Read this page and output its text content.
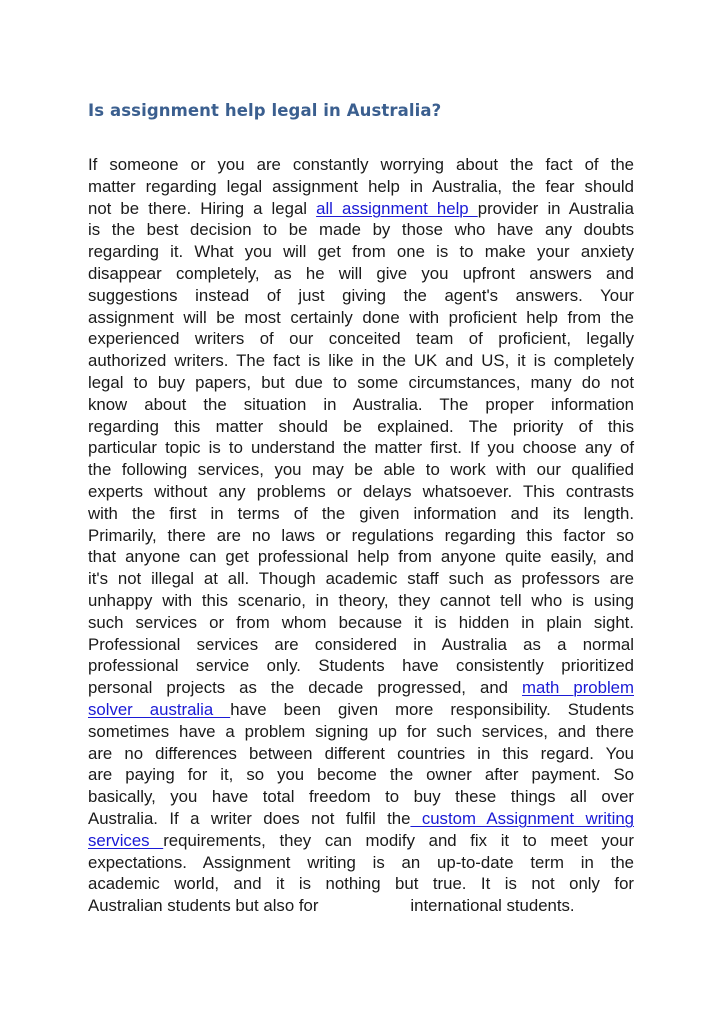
Is assignment help legal in Australia?
If someone or you are constantly worrying about the fact of the
matter regarding legal assignment help in Australia, the fear should
not be there. Hiring a legal all assignment help provider in Australia
is the best decision to be made by those who have any doubts
regarding it. What you will get from one is to make your anxiety
disappear completely, as he will give you upfront answers and
suggestions instead of just giving the agent's answers. Your
assignment will be most certainly done with proficient help from the
experienced writers of our conceited team of proficient, legally
authorized writers. The fact is like in the UK and US, it is completely
legal to buy papers, but due to some circumstances, many do not
know about the situation in Australia. The proper information
regarding this matter should be explained. The priority of this
particular topic is to understand the matter first. If you choose any of
the following services, you may be able to work with our qualified
experts without any problems or delays whatsoever. This contrasts
with the first in terms of the given information and its length.
Primarily, there are no laws or regulations regarding this factor so
that anyone can get professional help from anyone quite easily, and
it's not illegal at all. Though academic staff such as professors are
unhappy with this scenario, in theory, they cannot tell who is using
such services or from whom because it is hidden in plain sight.
Professional services are considered in Australia as a normal
professional service only. Students have consistently prioritized
personal projects as the decade progressed, and math problem
solver australia have been given more responsibility. Students
sometimes have a problem signing up for such services, and there
are no differences between different countries in this regard. You
are paying for it, so you become the owner after payment. So
basically, you have total freedom to buy these things all over
Australia. If a writer does not fulfil the custom Assignment writing
services requirements, they can modify and fix it to meet your
expectations. Assignment writing is an up-to-date term in the
academic world, and it is nothing but true. It is not only for
Australian students but also for	international students.
